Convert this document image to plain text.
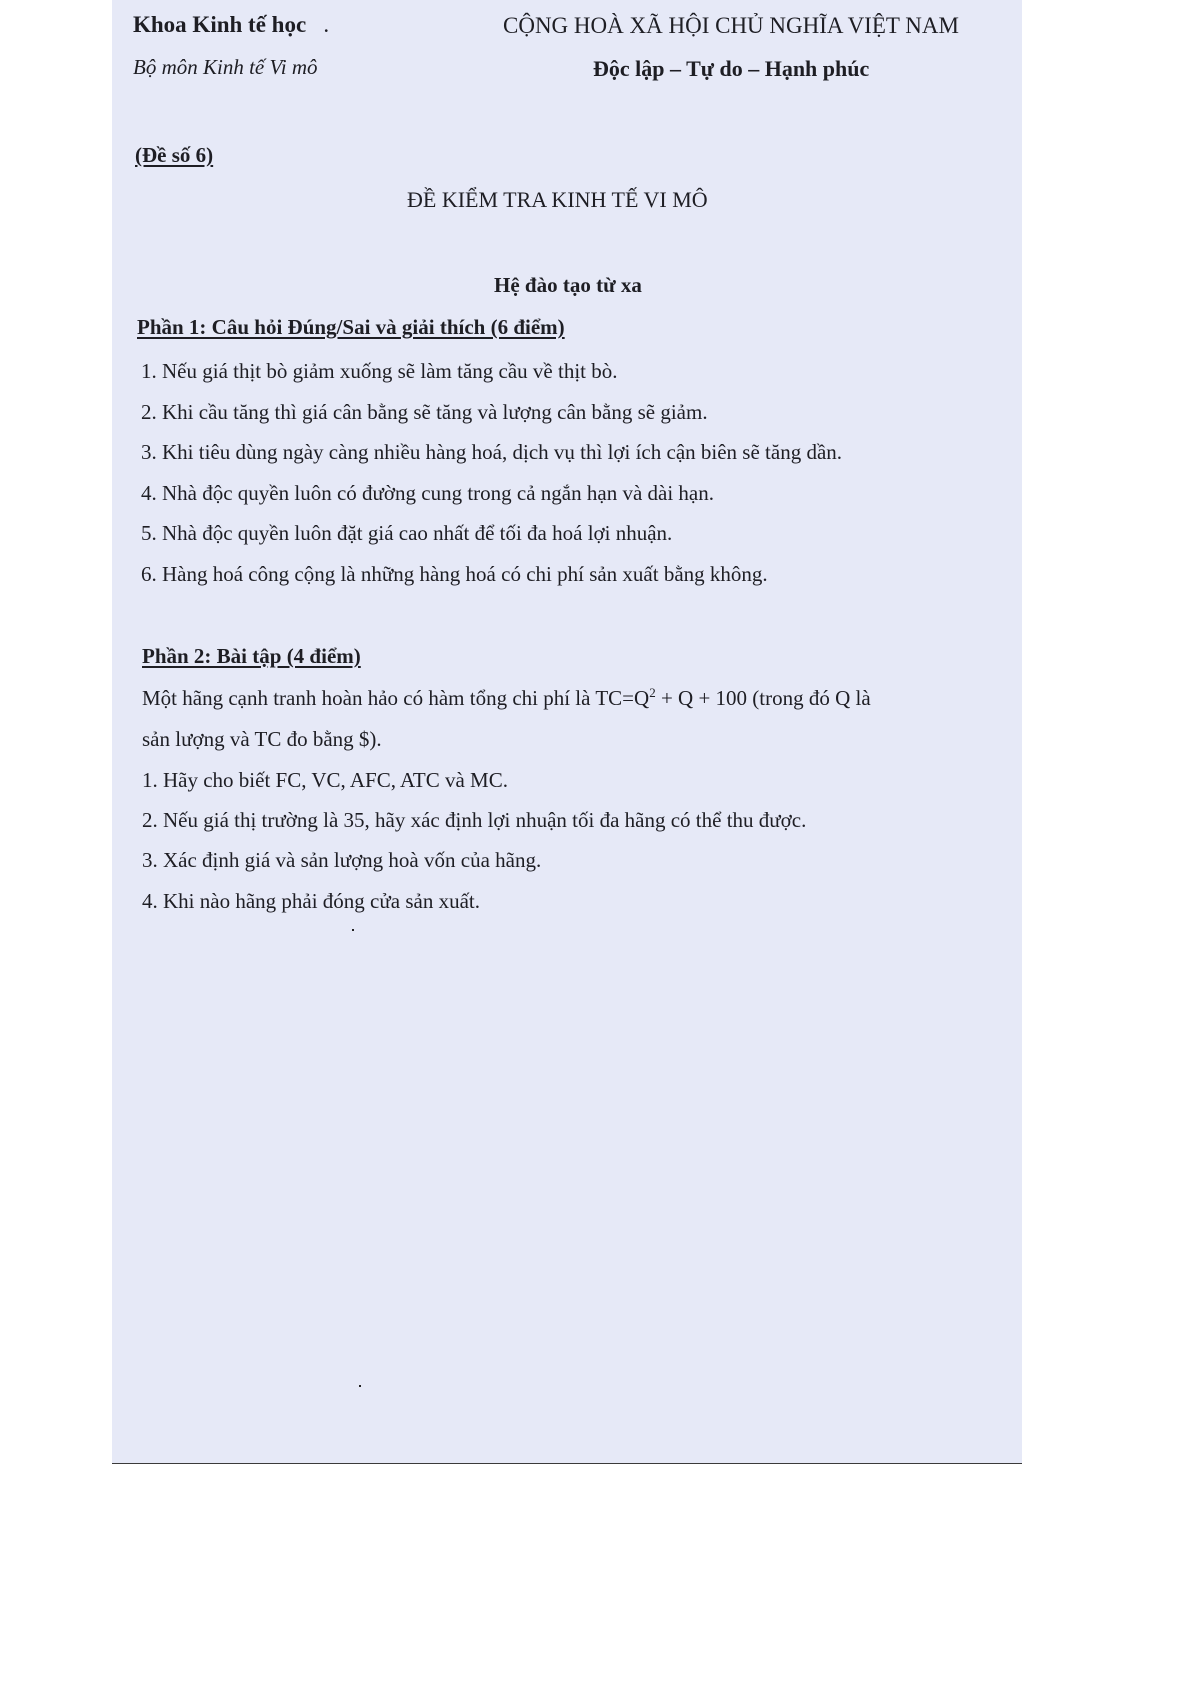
Khoa Kinh tế học .
Bộ môn Kinh tế Vi mô
CỘNG HOÀ XÃ HỘI CHỦ NGHĨA VIỆT NAM
Độc lập – Tự do – Hạnh phúc
(Đề số 6)
ĐỀ KIỂM TRA KINH TẾ VI MÔ
Hệ đào tạo từ xa
Phần 1: Câu hỏi Đúng/Sai và giải thích (6 điểm)
1. Nếu giá thịt bò giảm xuống sẽ làm tăng cầu về thịt bò.
2. Khi cầu tăng thì giá cân bằng sẽ tăng và lượng cân bằng sẽ giảm.
3. Khi tiêu dùng ngày càng nhiều hàng hoá, dịch vụ thì lợi ích cận biên sẽ tăng dần.
4. Nhà độc quyền luôn có đường cung trong cả ngắn hạn và dài hạn.
5. Nhà độc quyền luôn đặt giá cao nhất để tối đa hoá lợi nhuận.
6. Hàng hoá công cộng là những hàng hoá có chi phí sản xuất bằng không.
Phần 2: Bài tập (4 điểm)
Một hãng cạnh tranh hoàn hảo có hàm tổng chi phí là $TC=Q^2 + Q + 100$ (trong đó Q là
sản lượng và TC đo bằng $).
1. Hãy cho biết FC, VC, AFC, ATC và MC.
2. Nếu giá thị trường là 35, hãy xác định lợi nhuận tối đa hãng có thể thu được.
3. Xác định giá và sản lượng hoà vốn của hãng.
4. Khi nào hãng phải đóng cửa sản xuất.
